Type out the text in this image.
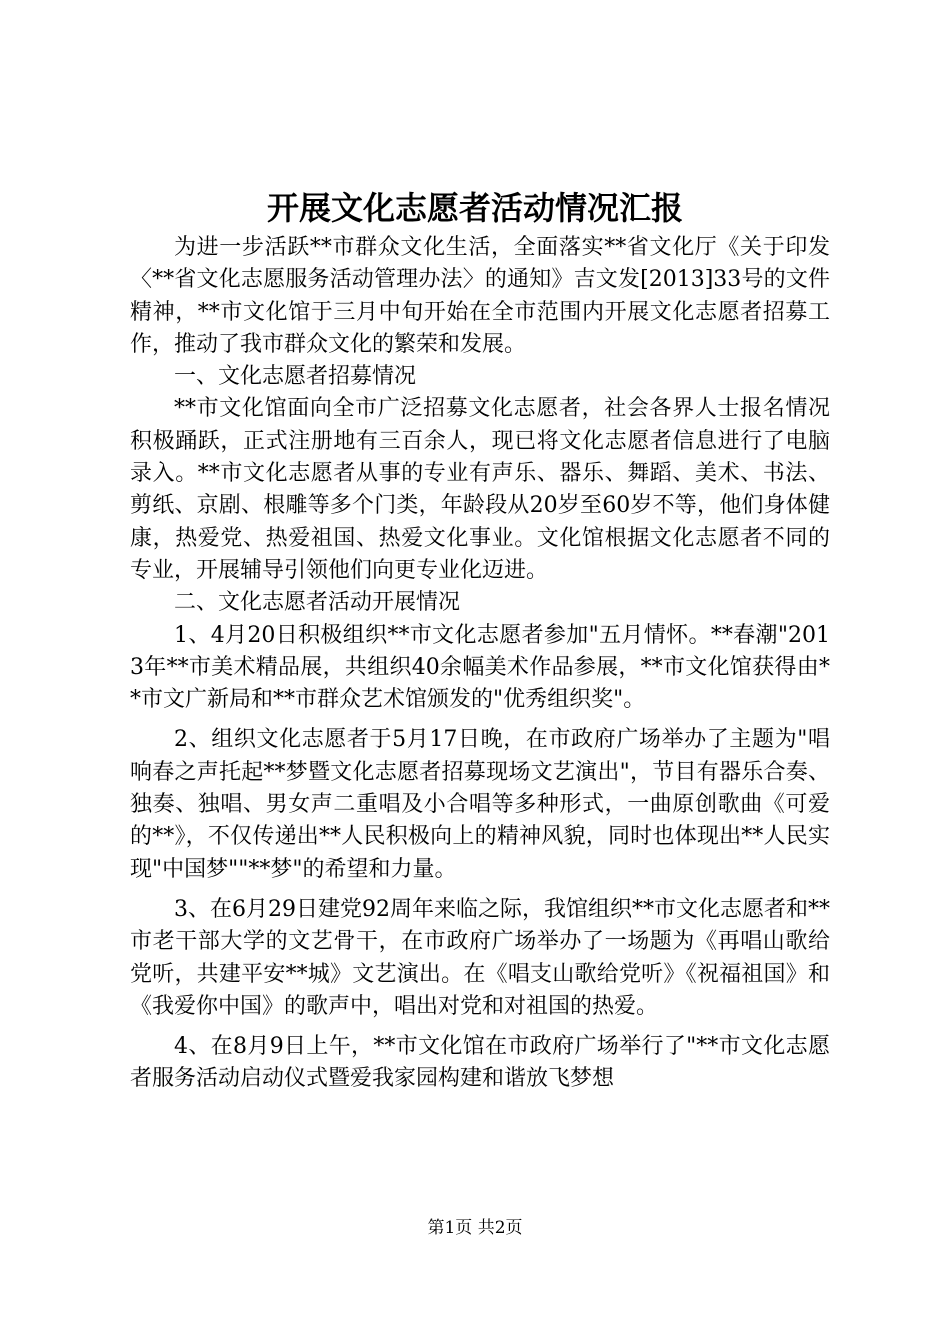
开展文化志愿者活动情况汇报

为进一步活跃**市群众文化生活，全面落实**省文化厅《关于印发〈**省文化志愿服务活动管理办法〉的通知》吉文发[2013]33号的文件精神，**市文化馆于三月中旬开始在全市范围内开展文化志愿者招募工作，推动了我市群众文化的繁荣和发展。

一、文化志愿者招募情况

**市文化馆面向全市广泛招募文化志愿者，社会各界人士报名情况积极踊跃，正式注册地有三百余人，现已将文化志愿者信息进行了电脑录入。**市文化志愿者从事的专业有声乐、器乐、舞蹈、美术、书法、剪纸、京剧、根雕等多个门类，年龄段从20岁至60岁不等，他们身体健康，热爱党、热爱祖国、热爱文化事业。文化馆根据文化志愿者不同的专业，开展辅导引领他们向更专业化迈进。

二、文化志愿者活动开展情况

1、4月20日积极组织**市文化志愿者参加"五月情怀。**春潮"2013年**市美术精品展，共组织40余幅美术作品参展，**市文化馆获得由**市文广新局和**市群众艺术馆颁发的"优秀组织奖"。

2、组织文化志愿者于5月17日晚，在市政府广场举办了主题为"唱响春之声托起**梦暨文化志愿者招募现场文艺演出"，节目有器乐合奏、独奏、独唱、男女声二重唱及小合唱等多种形式，一曲原创歌曲《可爱的**》，不仅传递出**人民积极向上的精神风貌，同时也体现出**人民实现"中国梦""**梦"的希望和力量。

3、在6月29日建党92周年来临之际，我馆组织**市文化志愿者和**市老干部大学的文艺骨干，在市政府广场举办了一场题为《再唱山歌给党听，共建平安**城》文艺演出。在《唱支山歌给党听》《祝福祖国》和《我爱你中国》的歌声中，唱出对党和对祖国的热爱。

4、在8月9日上午，**市文化馆在市政府广场举行了"**市文化志愿者服务活动启动仪式暨爱我家园构建和谐放飞梦想

第1页 共2页
